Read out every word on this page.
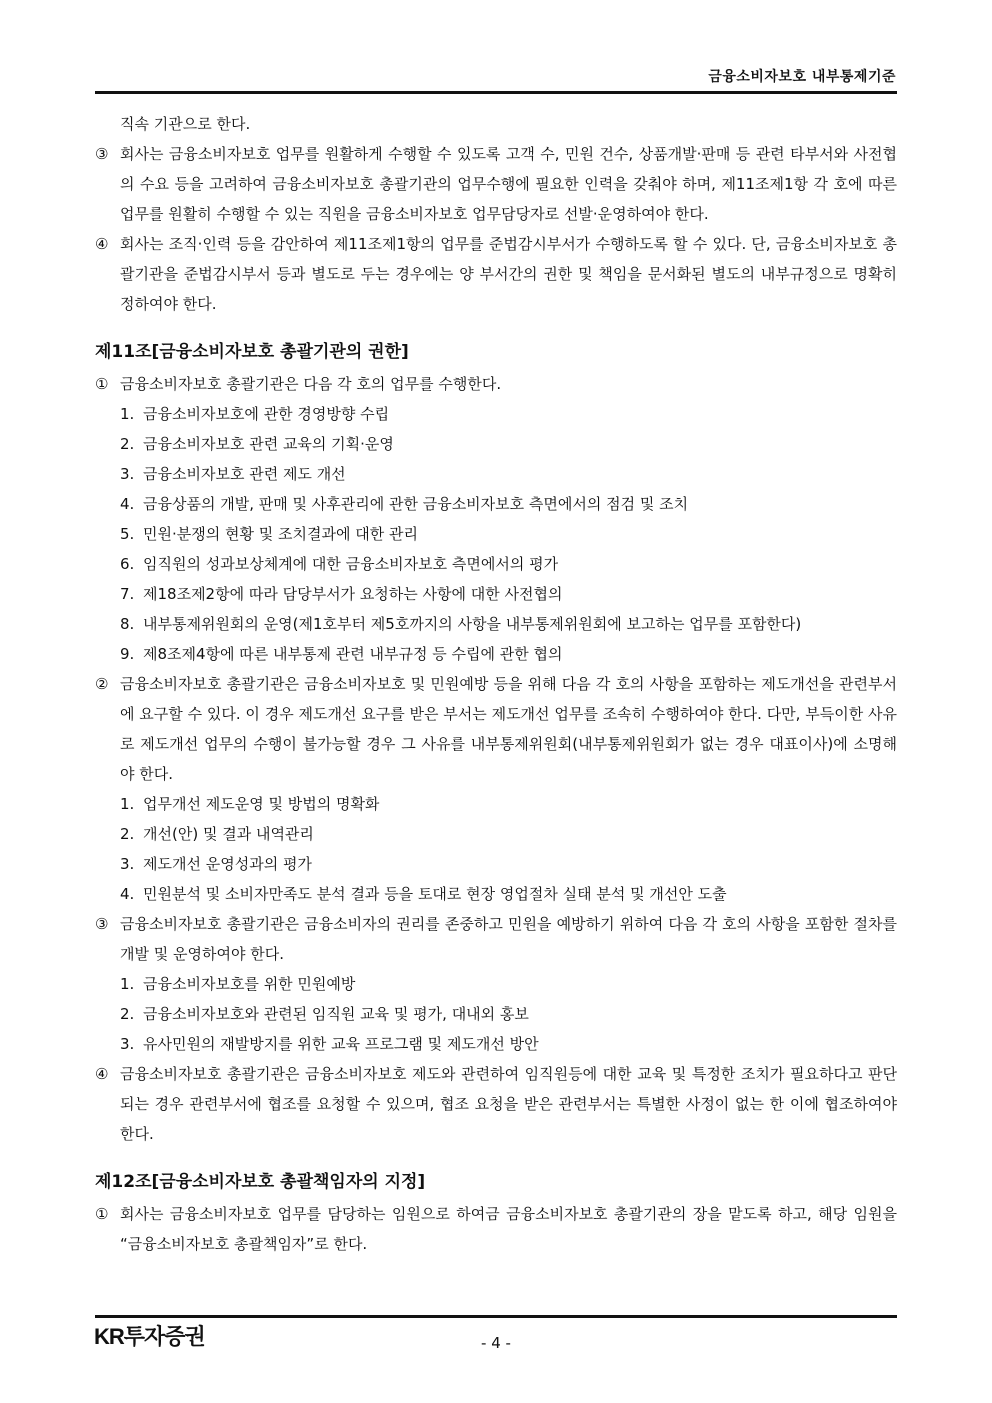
금융소비자보호 내부통제기준

직속 기관으로 한다.

③ 회사는 금융소비자보호 업무를 원활하게 수행할 수 있도록 고객 수, 민원 건수, 상품개발·판매 등 관련 타부서와 사전협의 수요 등을 고려하여 금융소비자보호 총괄기관의 업무수행에 필요한 인력을 갖춰야 하며, 제11조제1항 각 호에 따른 업무를 원활히 수행할 수 있는 직원을 금융소비자보호 업무담당자로 선발·운영하여야 한다.

④ 회사는 조직·인력 등을 감안하여 제11조제1항의 업무를 준법감시부서가 수행하도록 할 수 있다. 단, 금융소비자보호 총괄기관을 준법감시부서 등과 별도로 두는 경우에는 양 부서간의 권한 및 책임을 문서화된 별도의 내부규정으로 명확히 정하여야 한다.

제11조[금융소비자보호 총괄기관의 권한]

① 금융소비자보호 총괄기관은 다음 각 호의 업무를 수행한다.

1. 금융소비자보호에 관한 경영방향 수립

2. 금융소비자보호 관련 교육의 기획·운영

3. 금융소비자보호 관련 제도 개선

4. 금융상품의 개발, 판매 및 사후관리에 관한 금융소비자보호 측면에서의 점검 및 조치

5. 민원·분쟁의 현황 및 조치결과에 대한 관리

6. 임직원의 성과보상체계에 대한 금융소비자보호 측면에서의 평가

7. 제18조제2항에 따라 담당부서가 요청하는 사항에 대한 사전협의

8. 내부통제위원회의 운영(제1호부터 제5호까지의 사항을 내부통제위원회에 보고하는 업무를 포함한다)

9. 제8조제4항에 따른 내부통제 관련 내부규정 등 수립에 관한 협의

② 금융소비자보호 총괄기관은 금융소비자보호 및 민원예방 등을 위해 다음 각 호의 사항을 포함하는 제도개선을 관련부서에 요구할 수 있다. 이 경우 제도개선 요구를 받은 부서는 제도개선 업무를 조속히 수행하여야 한다. 다만, 부득이한 사유로 제도개선 업무의 수행이 불가능할 경우 그 사유를 내부통제위원회(내부통제위원회가 없는 경우 대표이사)에 소명해야 한다.

1. 업무개선 제도운영 및 방법의 명확화

2. 개선(안) 및 결과 내역관리

3. 제도개선 운영성과의 평가

4. 민원분석 및 소비자만족도 분석 결과 등을 토대로 현장 영업절차 실태 분석 및 개선안 도출

③ 금융소비자보호 총괄기관은 금융소비자의 권리를 존중하고 민원을 예방하기 위하여 다음 각 호의 사항을 포함한 절차를 개발 및 운영하여야 한다.

1. 금융소비자보호를 위한 민원예방

2. 금융소비자보호와 관련된 임직원 교육 및 평가, 대내외 홍보

3. 유사민원의 재발방지를 위한 교육 프로그램 및 제도개선 방안

④ 금융소비자보호 총괄기관은 금융소비자보호 제도와 관련하여 임직원등에 대한 교육 및 특정한 조치가 필요하다고 판단되는 경우 관련부서에 협조를 요청할 수 있으며, 협조 요청을 받은 관련부서는 특별한 사정이 없는 한 이에 협조하여야 한다.

제12조[금융소비자보호 총괄책임자의 지정]

① 회사는 금융소비자보호 업무를 담당하는 임원으로 하여금 금융소비자보호 총괄기관의 장을 맡도록 하고, 해당 임원을 “금융소비자보호 총괄책임자”로 한다.

KR투자증권	- 4 -
